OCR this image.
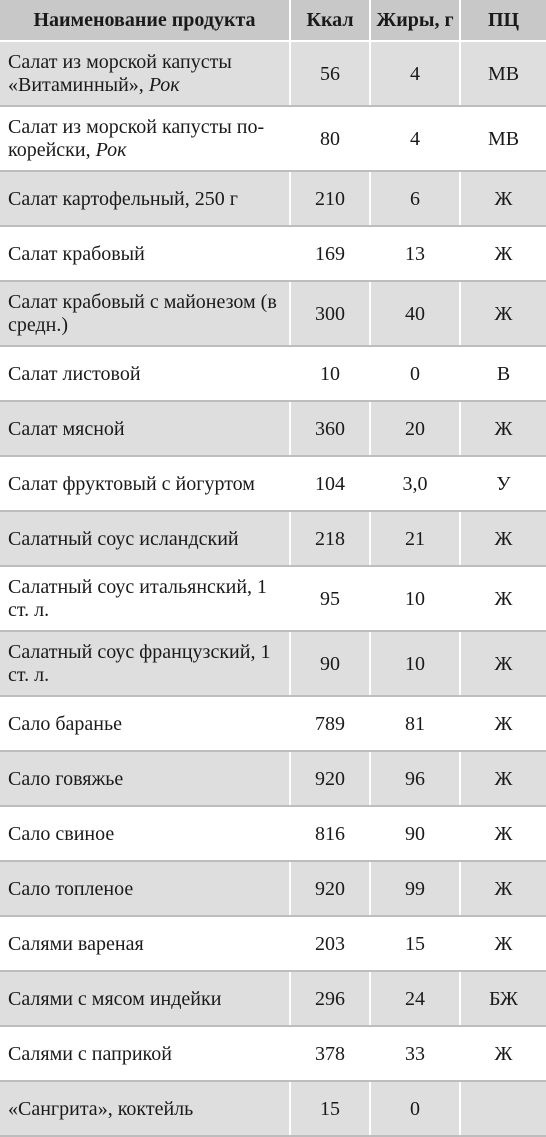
Наименование продукта	Ккал	Жиры, г	ПЦ
Салат из морской капусты «Витаминный», Рок	56	4	МВ
Салат из морской капусты по-корейски, Рок	80	4	МВ
Салат картофельный, 250 г	210	6	Ж
Салат крабовый	169	13	Ж
Салат крабовый с майонезом (в средн.)	300	40	Ж
Салат листовой	10	0	В
Салат мясной	360	20	Ж
Салат фруктовый с йогуртом	104	3,0	У
Салатный соус исландский	218	21	Ж
Салатный соус итальянский, 1 ст. л.	95	10	Ж
Салатный соус французский, 1 ст. л.	90	10	Ж
Сало баранье	789	81	Ж
Сало говяжье	920	96	Ж
Сало свиное	816	90	Ж
Сало топленое	920	99	Ж
Салями вареная	203	15	Ж
Салями с мясом индейки	296	24	БЖ
Салями с паприкой	378	33	Ж
«Сангрита», коктейль	15	0	
